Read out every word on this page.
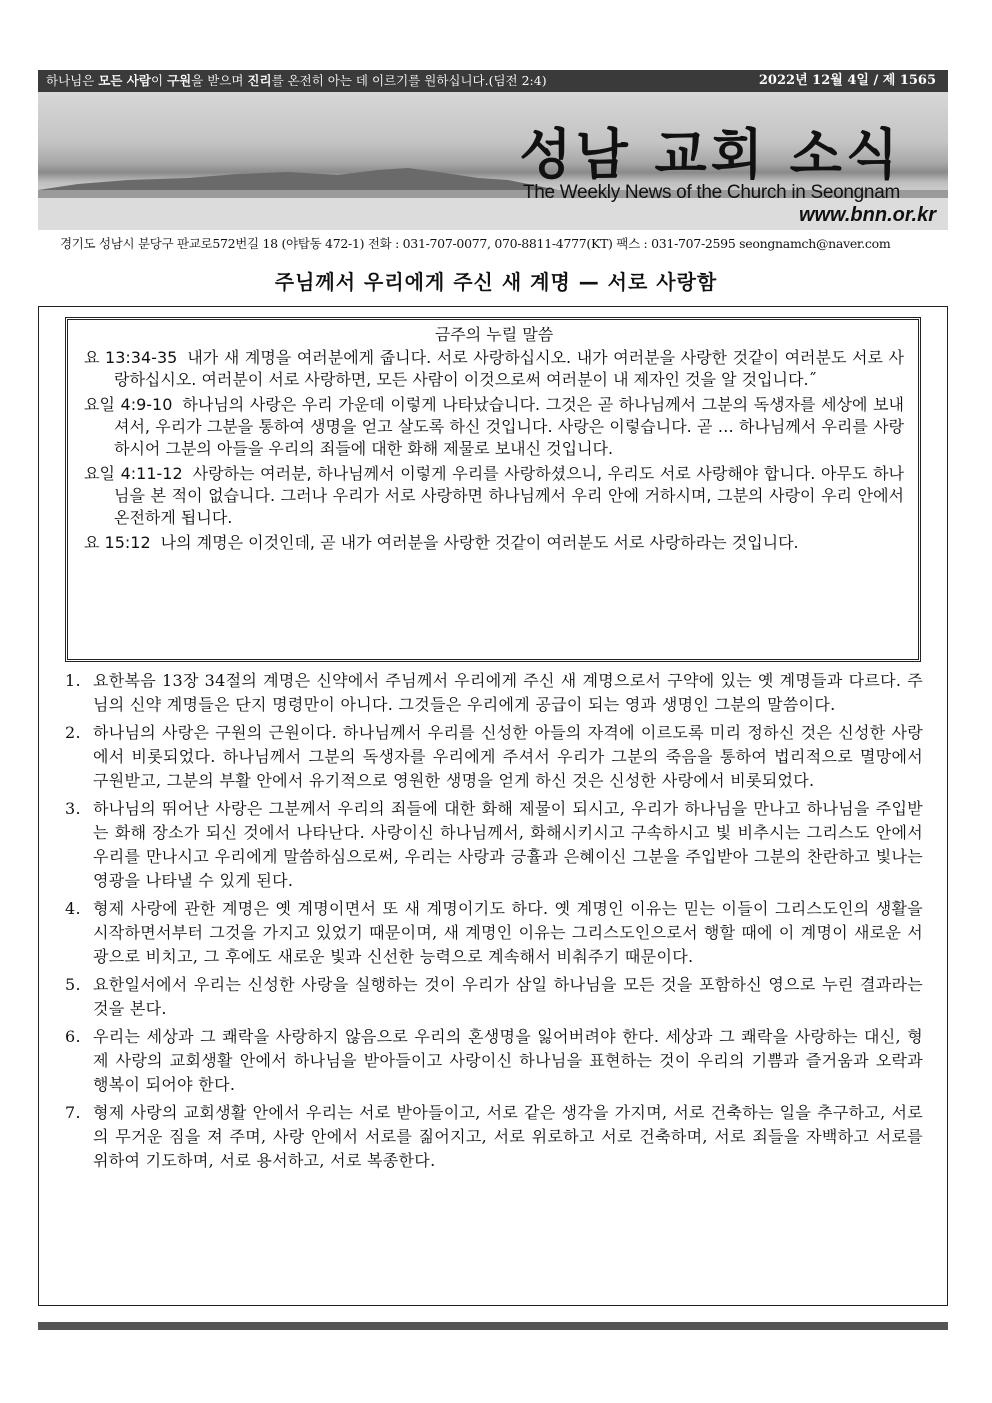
하나님은 모든 사람이 구원을 받으며 진리를 온전히 아는 데 이르기를 원하십니다.(딤전 2:4)	2022년 12월 4일 / 제 1565
성남 교회 소식
The Weekly News of the Church in Seongnam
www.bnn.or.kr
경기도 성남시 분당구 판교로572번길 18 (야탑동 472-1) 전화 : 031-707-0077, 070-8811-4777(KT) 팩스 : 031-707-2595 seongnamch@naver.com
주님께서 우리에게 주신 새 계명 — 서로 사랑함
금주의 누릴 말씀
요 13:34-35 내가 새 계명을 여러분에게 줍니다. 서로 사랑하십시오. 내가 여러분을 사랑한 것같이 여러분도 서로 사랑하십시오. 여러분이 서로 사랑하면, 모든 사람이 이것으로써 여러분이 내 제자인 것을 알 것입니다.˝
요일 4:9-10 하나님의 사랑은 우리 가운데 이렇게 나타났습니다. 그것은 곧 하나님께서 그분의 독생자를 세상에 보내셔서, 우리가 그분을 통하여 생명을 얻고 살도록 하신 것입니다. 사랑은 이렇습니다. 곧 … 하나님께서 우리를 사랑하시어 그분의 아들을 우리의 죄들에 대한 화해 제물로 보내신 것입니다.
요일 4:11-12 사랑하는 여러분, 하나님께서 이렇게 우리를 사랑하셨으니, 우리도 서로 사랑해야 합니다. 아무도 하나님을 본 적이 없습니다. 그러나 우리가 서로 사랑하면 하나님께서 우리 안에 거하시며, 그분의 사랑이 우리 안에서 온전하게 됩니다.
요 15:12 나의 계명은 이것인데, 곧 내가 여러분을 사랑한 것같이 여러분도 서로 사랑하라는 것입니다.
1. 요한복음 13장 34절의 계명은 신약에서 주님께서 우리에게 주신 새 계명으로서 구약에 있는 옛 계명들과 다르다. 주님의 신약 계명들은 단지 명령만이 아니다. 그것들은 우리에게 공급이 되는 영과 생명인 그분의 말씀이다.
2. 하나님의 사랑은 구원의 근원이다. 하나님께서 우리를 신성한 아들의 자격에 이르도록 미리 정하신 것은 신성한 사랑에서 비롯되었다. 하나님께서 그분의 독생자를 우리에게 주셔서 우리가 그분의 죽음을 통하여 법리적으로 멸망에서 구원받고, 그분의 부활 안에서 유기적으로 영원한 생명을 얻게 하신 것은 신성한 사랑에서 비롯되었다.
3. 하나님의 뛰어난 사랑은 그분께서 우리의 죄들에 대한 화해 제물이 되시고, 우리가 하나님을 만나고 하나님을 주입받는 화해 장소가 되신 것에서 나타난다. 사랑이신 하나님께서, 화해시키시고 구속하시고 빛 비추시는 그리스도 안에서 우리를 만나시고 우리에게 말씀하심으로써, 우리는 사랑과 긍휼과 은혜이신 그분을 주입받아 그분의 찬란하고 빛나는 영광을 나타낼 수 있게 된다.
4. 형제 사랑에 관한 계명은 옛 계명이면서 또 새 계명이기도 하다. 옛 계명인 이유는 믿는 이들이 그리스도인의 생활을 시작하면서부터 그것을 가지고 있었기 때문이며, 새 계명인 이유는 그리스도인으로서 행할 때에 이 계명이 새로운 서광으로 비치고, 그 후에도 새로운 빛과 신선한 능력으로 계속해서 비춰주기 때문이다.
5. 요한일서에서 우리는 신성한 사랑을 실행하는 것이 우리가 삼일 하나님을 모든 것을 포함하신 영으로 누린 결과라는 것을 본다.
6. 우리는 세상과 그 쾌락을 사랑하지 않음으로 우리의 혼생명을 잃어버려야 한다. 세상과 그 쾌락을 사랑하는 대신, 형제 사랑의 교회생활 안에서 하나님을 받아들이고 사랑이신 하나님을 표현하는 것이 우리의 기쁨과 즐거움과 오락과 행복이 되어야 한다.
7. 형제 사랑의 교회생활 안에서 우리는 서로 받아들이고, 서로 같은 생각을 가지며, 서로 건축하는 일을 추구하고, 서로의 무거운 짐을 져 주며, 사랑 안에서 서로를 짊어지고, 서로 위로하고 서로 건축하며, 서로 죄들을 자백하고 서로를 위하여 기도하며, 서로 용서하고, 서로 복종한다.
